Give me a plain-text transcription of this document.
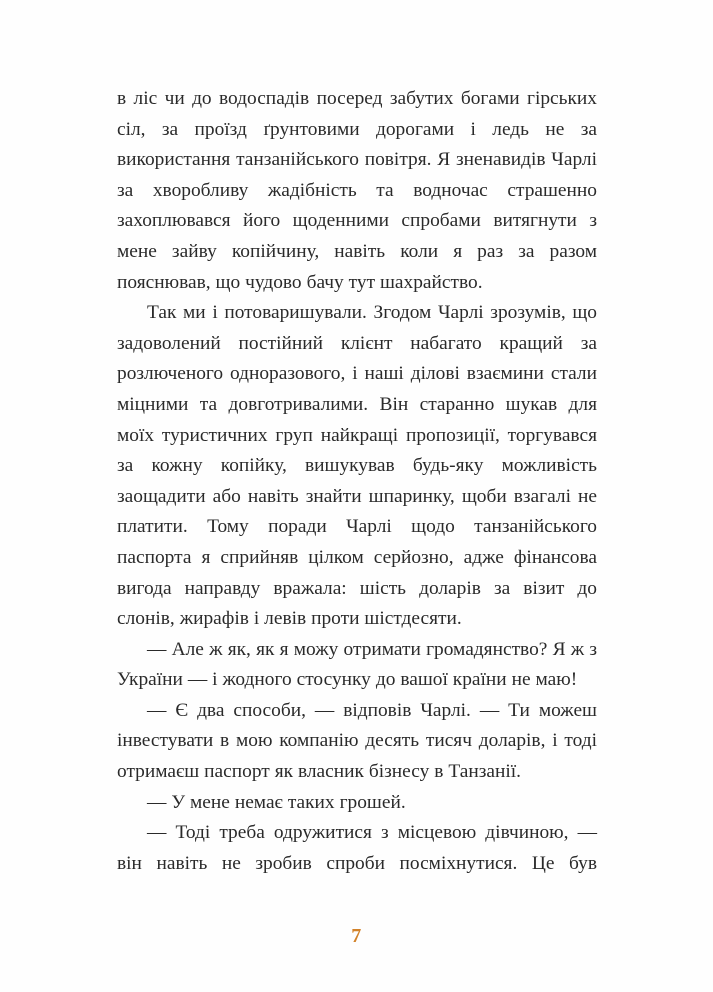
в ліс чи до водоспадів посеред забутих богами гірських сіл, за проїзд ґрунтовими дорогами і ледь не за використання танзанійського повітря. Я зненавидів Чарлі за хворобливу жадібність та водночас страшенно захоплювався його щоденними спробами витягнути з мене зайву копійчину, навіть коли я раз за разом пояснював, що чудово бачу тут шахрайство.

Так ми і потоваришували. Згодом Чарлі зрозумів, що задоволений постійний клієнт набагато кращий за розлюченого одноразового, і наші ділові взаємини стали міцними та довготривалими. Він старанно шукав для моїх туристичних груп найкращі пропозиції, торгувався за кожну копійку, вишукував будь-яку можливість заощадити або навіть знайти шпаринку, щоби взагалі не платити. Тому поради Чарлі щодо танзанійського паспорта я сприйняв цілком серйозно, адже фінансова вигода направду вражала: шість доларів за візит до слонів, жирафів і левів проти шістдесяти.

— Але ж як, як я можу отримати громадянство? Я ж з України — і жодного стосунку до вашої країни не маю!

— Є два способи, — відповів Чарлі. — Ти можеш інвестувати в мою компанію десять тисяч доларів, і тоді отримаєш паспорт як власник бізнесу в Танзанії.

— У мене немає таких грошей.

— Тоді треба одружитися з місцевою дівчиною, — він навіть не зробив спроби посміхнутися. Це був

7
